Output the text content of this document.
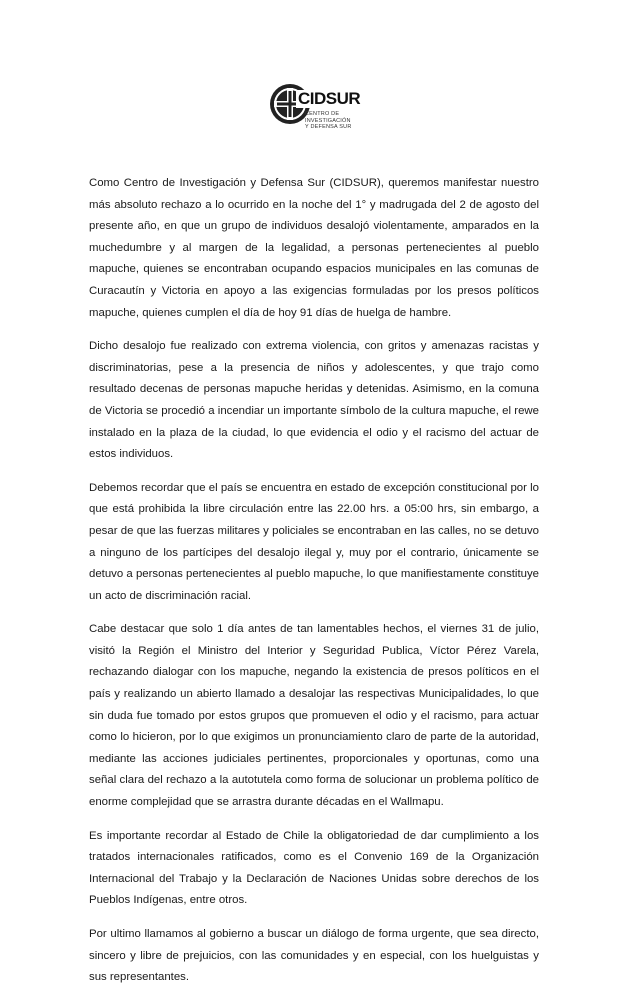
CIDSUR
CENTRO DE
INVESTIGACIÓN
Y DEFENSA SUR

Como Centro de Investigación y Defensa Sur (CIDSUR), queremos manifestar nuestro más absoluto rechazo a lo ocurrido en la noche del 1° y madrugada del 2 de agosto del presente año, en que un grupo de individuos desalojó violentamente, amparados en la muchedumbre y al margen de la legalidad, a personas pertenecientes al pueblo mapuche, quienes se encontraban ocupando espacios municipales en las comunas de Curacautín y Victoria en apoyo a las exigencias formuladas por los presos políticos mapuche, quienes cumplen el día de hoy 91 días de huelga de hambre.

Dicho desalojo fue realizado con extrema violencia, con gritos y amenazas racistas y discriminatorias, pese a la presencia de niños y adolescentes, y que trajo como resultado decenas de personas mapuche heridas y detenidas. Asimismo, en la comuna de Victoria se procedió a incendiar un importante símbolo de la cultura mapuche, el rewe instalado en la plaza de la ciudad, lo que evidencia el odio y el racismo del actuar de estos individuos.

Debemos recordar que el país se encuentra en estado de excepción constitucional por lo que está prohibida la libre circulación entre las 22.00 hrs. a 05:00 hrs, sin embargo, a pesar de que las fuerzas militares y policiales se encontraban en las calles, no se detuvo a ninguno de los partícipes del desalojo ilegal y, muy por el contrario, únicamente se detuvo a personas pertenecientes al pueblo mapuche, lo que manifiestamente constituye un acto de discriminación racial.

Cabe destacar que solo 1 día antes de tan lamentables hechos, el viernes 31 de julio, visitó la Región el Ministro del Interior y Seguridad Publica, Víctor Pérez Varela, rechazando dialogar con los mapuche, negando la existencia de presos políticos en el país y realizando un abierto llamado a desalojar las respectivas Municipalidades, lo que sin duda fue tomado por estos grupos que promueven el odio y el racismo, para actuar como lo hicieron, por lo que exigimos un pronunciamiento claro de parte de la autoridad, mediante las acciones judiciales pertinentes, proporcionales y oportunas, como una señal clara del rechazo a la autotutela como forma de solucionar un problema político de enorme complejidad que se arrastra durante décadas en el Wallmapu.

Es importante recordar al Estado de Chile la obligatoriedad de dar cumplimiento a los tratados internacionales ratificados, como es el Convenio 169 de la Organización Internacional del Trabajo y la Declaración de Naciones Unidas sobre derechos de los Pueblos Indígenas, entre otros.

Por ultimo llamamos al gobierno a buscar un diálogo de forma urgente, que sea directo, sincero y libre de prejuicios, con las comunidades y en especial, con los huelguistas y sus representantes.
